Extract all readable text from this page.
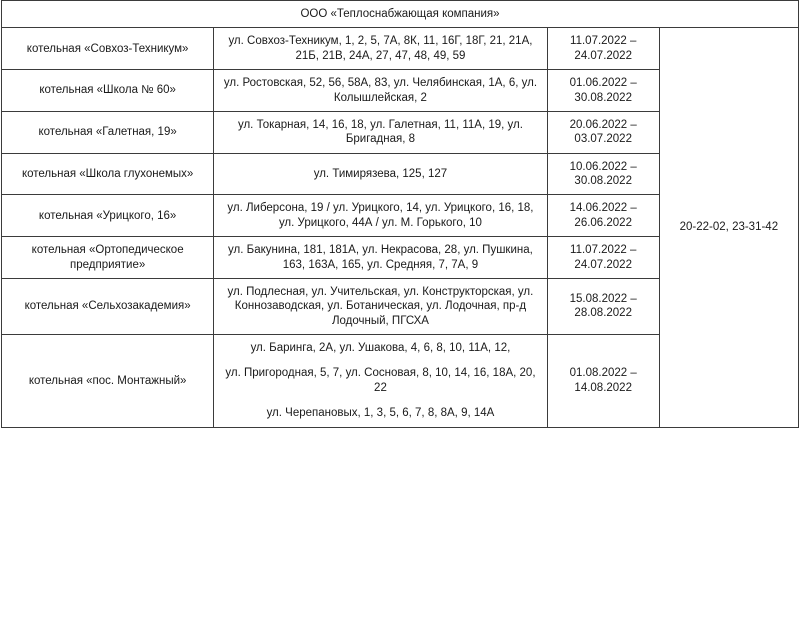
ООО «Теплоснабжающая компания»			
котельная «Совхоз-Техникум»	ул. Совхоз-Техникум, 1, 2, 5, 7А, 8К, 11, 16Г, 18Г, 21, 21А, 21Б, 21В, 24А, 27, 47, 48, 49, 59	11.07.2022 – 24.07.2022	20-22-02, 23-31-42
котельная «Школа № 60»	ул. Ростовская, 52, 56, 58А, 83, ул. Челябинская, 1А, 6, ул. Колышлейская, 2	01.06.2022 – 30.08.2022	
котельная «Галетная, 19»	ул. Токарная, 14, 16, 18, ул. Галетная, 11, 11А, 19, ул. Бригадная, 8	20.06.2022 – 03.07.2022	
котельная «Школа глухонемых»	ул. Тимирязева, 125, 127	10.06.2022 – 30.08.2022	
котельная «Урицкого, 16»	ул. Либерсона, 19 / ул. Урицкого, 14, ул. Урицкого, 16, 18, ул. Урицкого, 44А / ул. М. Горького, 10	14.06.2022 – 26.06.2022	
котельная «Ортопедическое предприятие»	ул. Бакунина, 181, 181А, ул. Некрасова, 28, ул. Пушкина, 163, 163А, 165, ул. Средняя, 7, 7А, 9	11.07.2022 – 24.07.2022	
котельная «Сельхозакадемия»	ул. Подлесная, ул. Учительская, ул. Конструкторская, ул. Коннозаводская, ул. Ботаническая, ул. Лодочная, пр-д Лодочный, ПГСХА	15.08.2022 – 28.08.2022	
котельная «пос. Монтажный»	ул. Баринга, 2А, ул. Ушакова, 4, 6, 8, 10, 11А, 12,

ул. Пригородная, 5, 7, ул. Сосновая, 8, 10, 14, 16, 18А, 20, 22

ул. Черепановых, 1, 3, 5, 6, 7, 8, 8А, 9, 14А	01.08.2022 – 14.08.2022	
